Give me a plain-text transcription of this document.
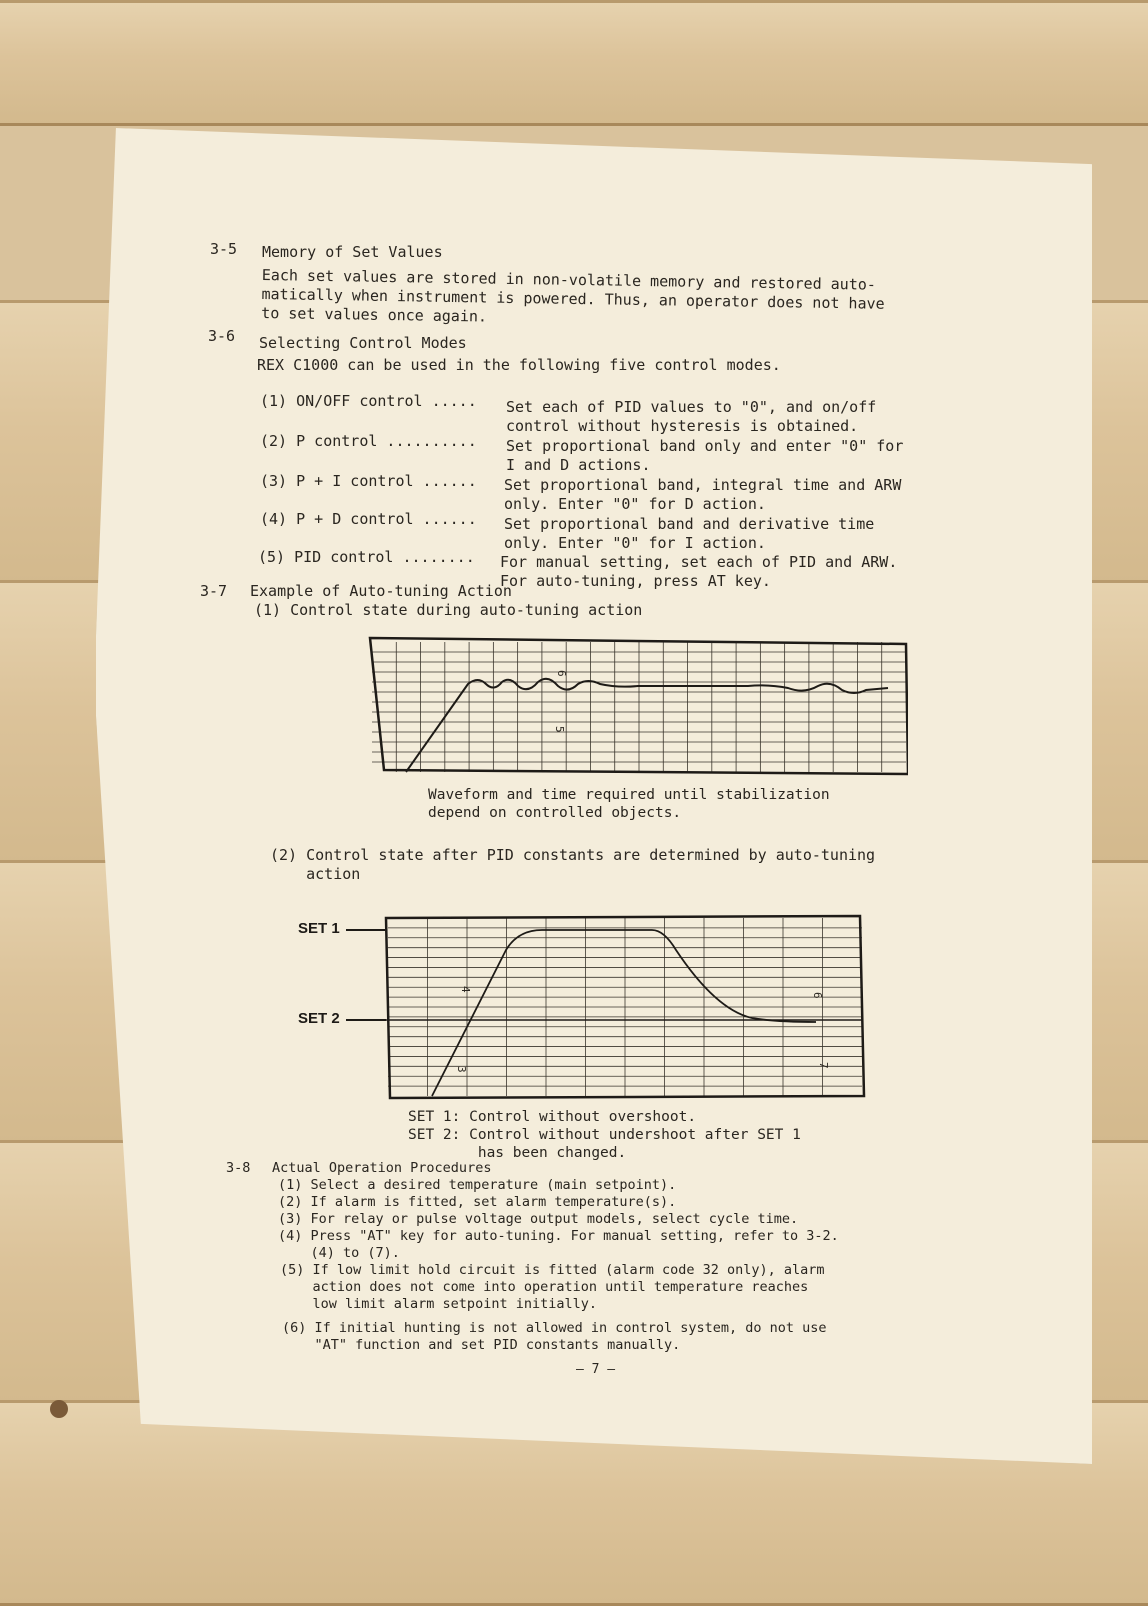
3-5 Memory of Set Values
Each set values are stored in non-volatile memory and restored auto-
matically when instrument is powered. Thus, an operator does not have
to set values once again.
3-6 Selecting Control Modes
REX C1000 can be used in the following five control modes.
(1) ON/OFF control ..... Set each of PID values to "0", and on/off
control without hysteresis is obtained.
(2) P control .......... Set proportional band only and enter "0" for
I and D actions.
(3) P + I control ...... Set proportional band, integral time and ARW
only. Enter "0" for D action.
(4) P + D control ...... Set proportional band and derivative time
only. Enter "0" for I action.
(5) PID control ........ For manual setting, set each of PID and ARW.
For auto-tuning, press AT key.
3-7 Example of Auto-tuning Action
(1) Control state during auto-tuning action
6
5
Waveform and time required until stabilization
depend on controlled objects.
(2) Control state after PID constants are determined by auto-tuning
action
SET 1
SET 2
4
3
6
7
SET 1: Control without overshoot.
SET 2: Control without undershoot after SET 1
has been changed.
3-8 Actual Operation Procedures
(1) Select a desired temperature (main setpoint).
(2) If alarm is fitted, set alarm temperature(s).
(3) For relay or pulse voltage output models, select cycle time.
(4) Press "AT" key for auto-tuning. For manual setting, refer to 3-2.
(4) to (7).
(5) If low limit hold circuit is fitted (alarm code 32 only), alarm
action does not come into operation until temperature reaches
low limit alarm setpoint initially.
(6) If initial hunting is not allowed in control system, do not use
"AT" function and set PID constants manually.
— 7 —
